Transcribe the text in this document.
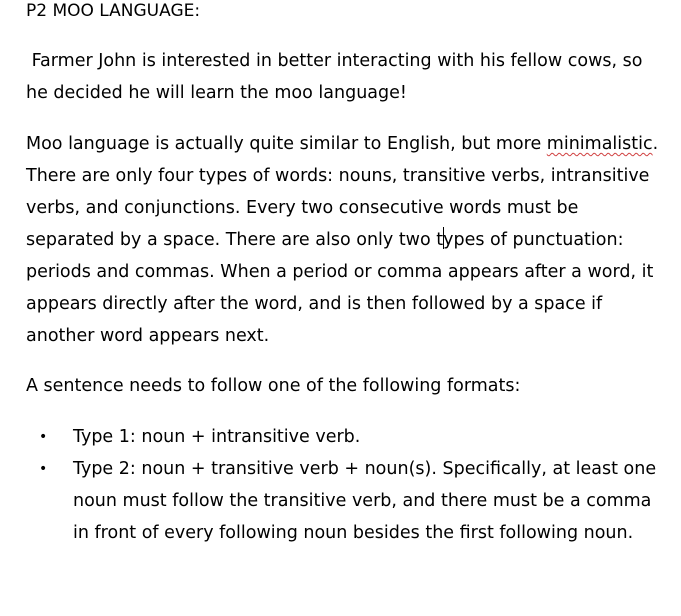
P2 MOO LANGUAGE:

Farmer John is interested in better interacting with his fellow cows, so he decided he will learn the moo language!

Moo language is actually quite similar to English, but more minimalistic. There are only four types of words: nouns, transitive verbs, intransitive verbs, and conjunctions. Every two consecutive words must be separated by a space. There are also only two types of punctuation: periods and commas. When a period or comma appears after a word, it appears directly after the word, and is then followed by a space if another word appears next.

A sentence needs to follow one of the following formats:

• Type 1: noun + intransitive verb.
• Type 2: noun + transitive verb + noun(s). Specifically, at least one noun must follow the transitive verb, and there must be a comma in front of every following noun besides the first following noun.
